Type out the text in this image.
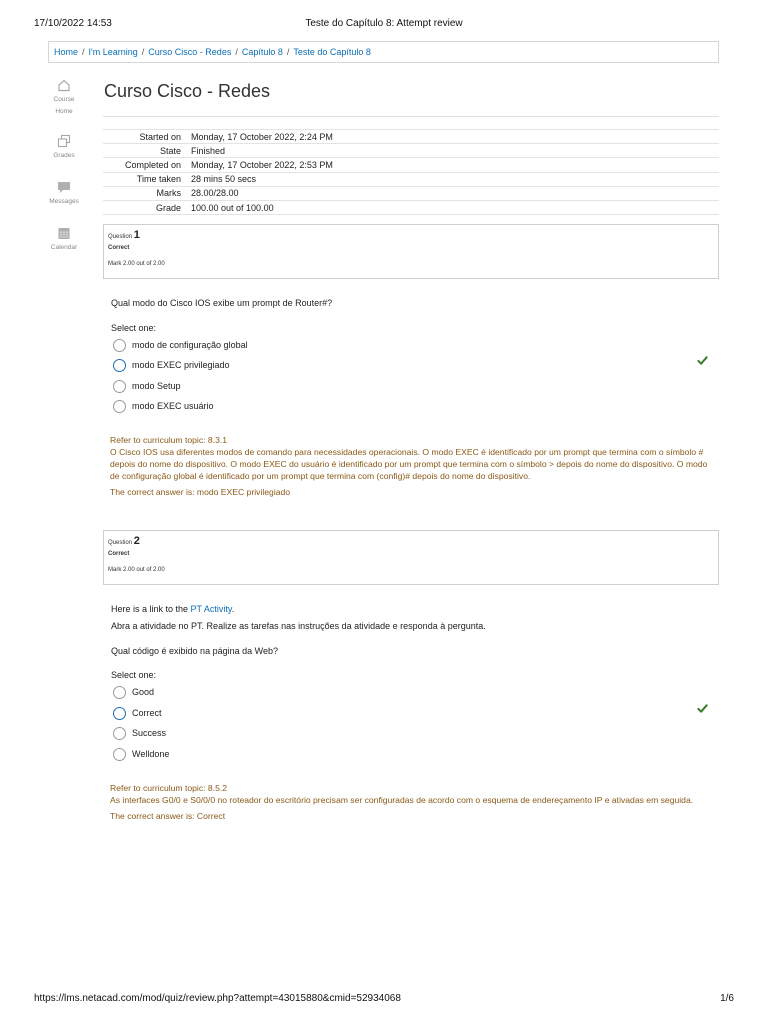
17/10/2022 14:53	Teste do Capítulo 8: Attempt review
Home / I'm Learning / Curso Cisco - Redes / Capítulo 8 / Teste do Capítulo 8
Course Home
Grades
Messages
Calendar
Curso Cisco - Redes
Started on	Monday, 17 October 2022, 2:24 PM
State	Finished
Completed on	Monday, 17 October 2022, 2:53 PM
Time taken	28 mins 50 secs
Marks	28.00/28.00
Grade	100.00 out of 100.00
Question 1
Correct
Mark 2.00 out of 2.00
Qual modo do Cisco IOS exibe um prompt de Router#?
Select one:
modo de configuração global
modo EXEC privilegiado
modo Setup
modo EXEC usuário
Refer to curriculum topic: 8.3.1
O Cisco IOS usa diferentes modos de comando para necessidades operacionais. O modo EXEC é identificado por um prompt que termina com o símbolo # depois do nome do dispositivo. O modo EXEC do usuário é identificado por um prompt que termina com o símbolo > depois do nome do dispositivo. O modo de configuração global é identificado por um prompt que termina com (config)# depois do nome do dispositivo.
The correct answer is: modo EXEC privilegiado
Question 2
Correct
Mark 2.00 out of 2.00
Here is a link to the PT Activity.
Abra a atividade no PT. Realize as tarefas nas instruções da atividade e responda à pergunta.
Qual código é exibido na página da Web?
Select one:
Good
Correct
Success
Welldone
Refer to curriculum topic: 8.5.2
As interfaces G0/0 e S0/0/0 no roteador do escritório precisam ser configuradas de acordo com o esquema de endereçamento IP e ativadas em seguida.
The correct answer is: Correct
https://lms.netacad.com/mod/quiz/review.php?attempt=43015880&cmid=52934068	1/6
